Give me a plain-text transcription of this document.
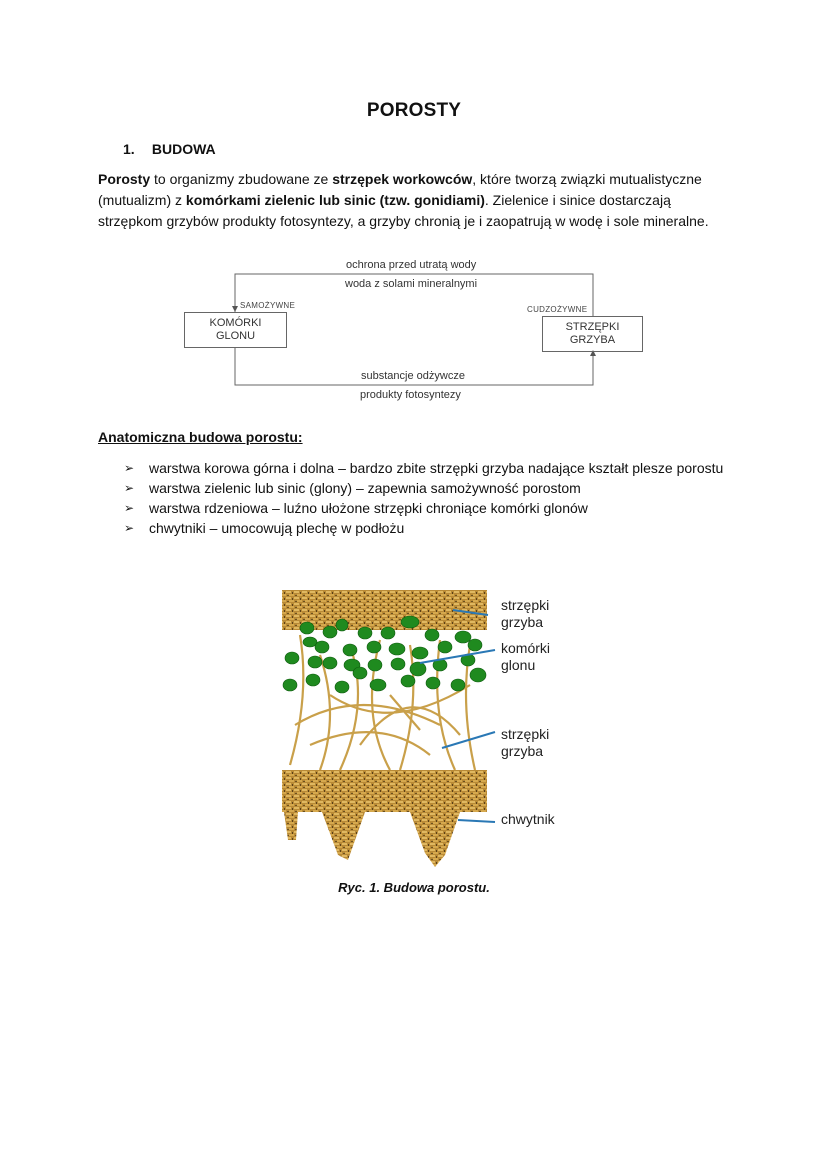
POROSTY
1. BUDOWA
Porosty to organizmy zbudowane ze strzępek workowców, które tworzą związki mutualistyczne (mutualizm) z komórkami zielenic lub sinic (tzw. gonidiami). Zielenice i sinice dostarczają strzępkom grzybów produkty fotosyntezy, a grzyby chronią je i zaopatrują w wodę i sole mineralne.
ochrona przed utratą wody
woda z solami mineralnymi
SAMOŻYWNE	CUDZOŻYWNE
KOMÓRKI
GLONU
STRZĘPKI
GRZYBA
substancje odżywcze
produkty fotosyntezy
Anatomiczna budowa porostu:
➢	warstwa korowa górna i dolna – bardzo zbite strzępki grzyba nadające kształt plesze porostu
➢	warstwa zielenic lub sinic (glony) – zapewnia samożywność porostom
➢	warstwa rdzeniowa – luźno ułożone strzępki chroniące komórki glonów
➢	chwytniki – umocowują plechę w podłożu
strzępki
grzyba
komórki
glonu
strzępki
grzyba
chwytnik
Ryc. 1. Budowa porostu.
